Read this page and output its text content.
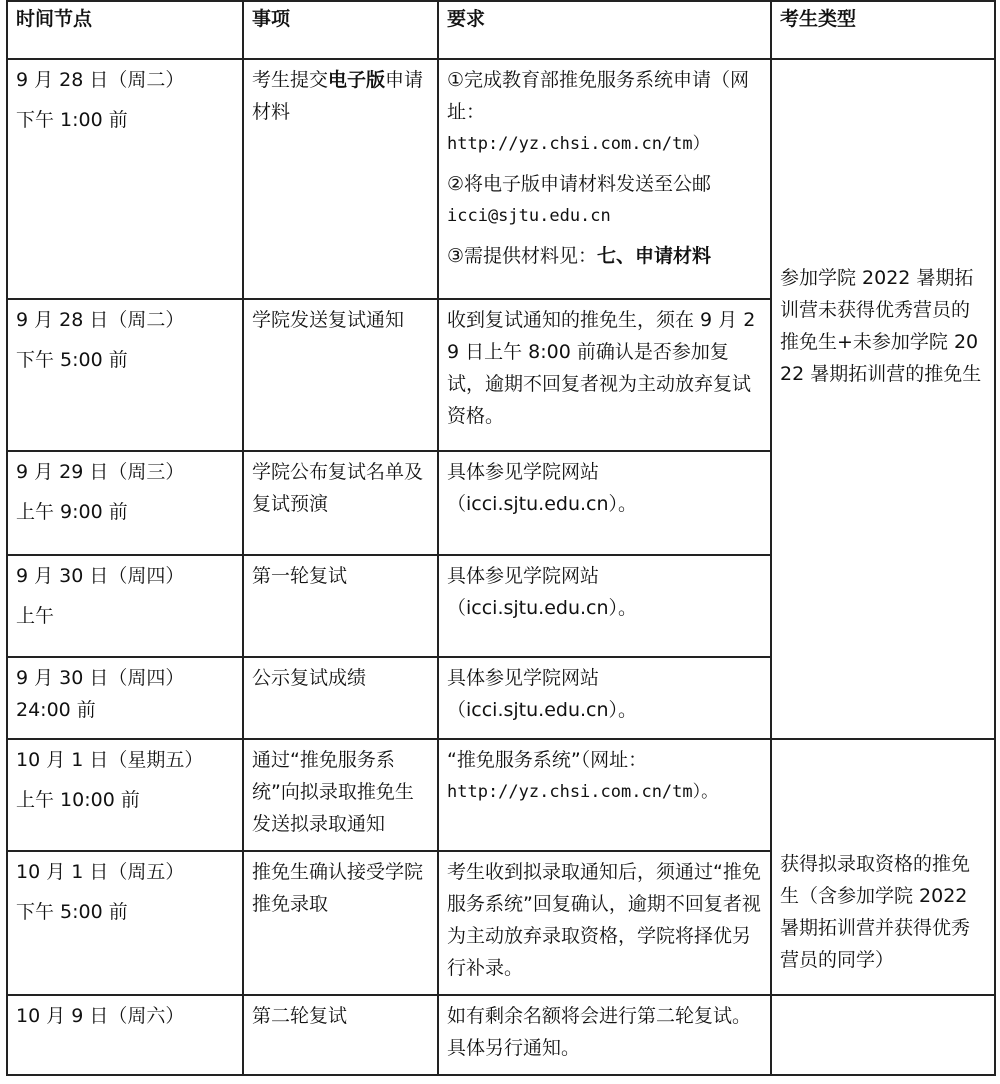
时间节点	事项	要求	考生类型

9 月 28 日（周二）
下午 1:00 前	考生提交电子版申请材料	①完成教育部推免服务系统申请（网址：
http://yz.chsi.com.cn/tm）
②将电子版申请材料发送至公邮
icci@sjtu.edu.cn
③需提供材料见：七、申请材料	参加学院 2022 暑期拓训营未获得优秀营员的推免生+未参加学院 2022 暑期拓训营的推免生

9 月 28 日（周二）
下午 5:00 前	学院发送复试通知	收到复试通知的推免生，须在 9 月 29 日上午 8:00 前确认是否参加复试，逾期不回复者视为主动放弃复试资格。	

9 月 29 日（周三）
上午 9:00 前	学院公布复试名单及复试预演	具体参见学院网站
（icci.sjtu.edu.cn）。	

9 月 30 日（周四）
上午	第一轮复试	具体参见学院网站
（icci.sjtu.edu.cn）。	

9 月 30 日（周四）
24:00 前	公示复试成绩	具体参见学院网站
（icci.sjtu.edu.cn）。	

10 月 1 日（星期五）
上午 10:00 前	通过“推免服务系统”向拟录取推免生发送拟录取通知	“推免服务系统”（网址：
http://yz.chsi.com.cn/tm）。	获得拟录取资格的推免生（含参加学院 2022 暑期拓训营并获得优秀营员的同学）

10 月 1 日（周五）
下午 5:00 前	推免生确认接受学院推免录取	考生收到拟录取通知后，须通过“推免服务系统”回复确认，逾期不回复者视为主动放弃录取资格，学院将择优另行补录。	

10 月 9 日（周六）	第二轮复试	如有剩余名额将会进行第二轮复试。具体另行通知。	
